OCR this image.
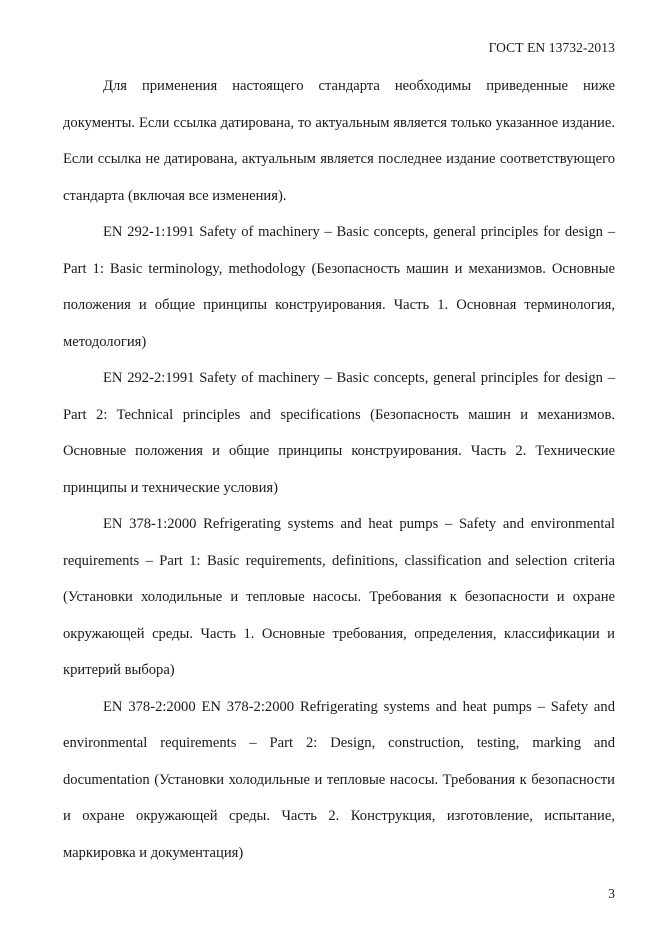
ГОСТ EN 13732-2013

Для применения настоящего стандарта необходимы приведенные ниже документы. Если ссылка датирована, то актуальным является только указанное издание. Если ссылка не датирована, актуальным является последнее издание соответствующего стандарта (включая все изменения).

EN 292-1:1991 Safety of machinery – Basic concepts, general principles for design – Part 1: Basic terminology, methodology (Безопасность машин и механизмов. Основные положения и общие принципы конструирования. Часть 1. Основная терминология, методология)

EN 292-2:1991 Safety of machinery – Basic concepts, general principles for design – Part 2: Technical principles and specifications (Безопасность машин и механизмов. Основные положения и общие принципы конструирования. Часть 2. Технические принципы и технические условия)

EN 378-1:2000 Refrigerating systems and heat pumps – Safety and environmental requirements – Part 1: Basic requirements, definitions, classification and selection criteria (Установки холодильные и тепловые насосы. Требования к безопасности и охране окружающей среды. Часть 1. Основные требования, определения, классификации и критерий выбора)

EN 378-2:2000 EN 378-2:2000 Refrigerating systems and heat pumps – Safety and environmental requirements – Part 2: Design, construction, testing, marking and documentation (Установки холодильные и тепловые насосы. Требования к безопасности и охране окружающей среды. Часть 2. Конструкция, изготовление, испытание, маркировка и документация)

3
